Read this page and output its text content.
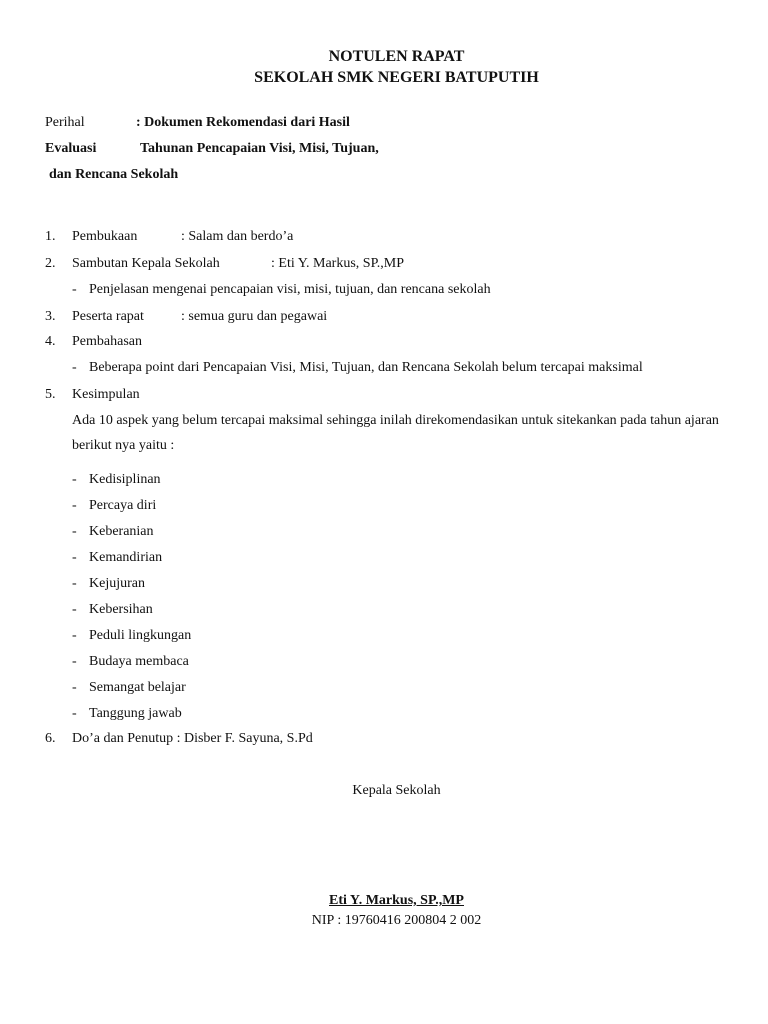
NOTULEN RAPAT
SEKOLAH SMK NEGERI BATUPUTIH
Perihal	: Dokumen Rekomendasi dari Hasil
Evaluasi	Tahunan Pencapaian Visi, Misi, Tujuan,
dan Rencana Sekolah
1. Pembukaan	: Salam dan berdo’a
2. Sambutan Kepala Sekolah	: Eti Y. Markus, SP.,MP
- Penjelasan mengenai pencapaian visi, misi, tujuan, dan rencana sekolah
3. Peserta rapat	: semua guru dan pegawai
4. Pembahasan
- Beberapa point dari Pencapaian Visi, Misi, Tujuan, dan Rencana Sekolah belum tercapai maksimal
5. Kesimpulan
Ada 10 aspek yang belum tercapai maksimal sehingga inilah direkomendasikan untuk sitekankan pada tahun ajaran
berikut nya yaitu :
- Kedisiplinan
- Percaya diri
- Keberanian
- Kemandirian
- Kejujuran
- Kebersihan
- Peduli lingkungan
- Budaya membaca
- Semangat belajar
- Tanggung jawab
6. Do’a dan Penutup : Disber F. Sayuna, S.Pd
Kepala Sekolah
Eti Y. Markus, SP.,MP
NIP : 19760416 200804 2 002
